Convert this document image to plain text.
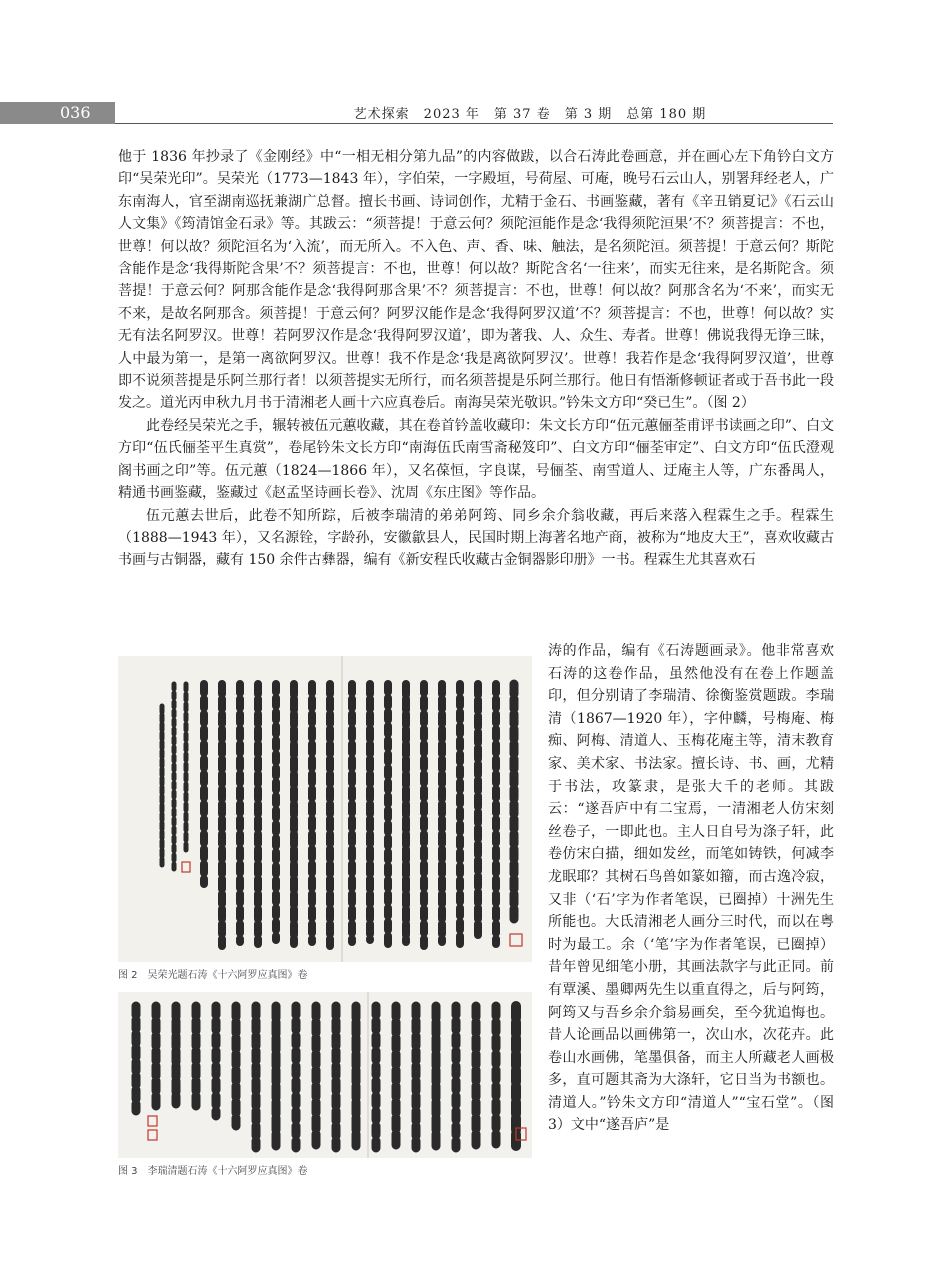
036	艺术探索　2023 年　第 37 卷　第 3 期　总第 180 期

他于 1836 年抄录了《金刚经》中“一相无相分第九品”的内容做跋，以合石涛此卷画意，并在画心左下角钤白文方印“吴荣光印”。吴荣光（1773—1843 年），字伯荣，一字殿垣，号荷屋、可庵，晚号石云山人，别署拜经老人，广东南海人，官至湖南巡抚兼湖广总督。擅长书画、诗词创作，尤精于金石、书画鉴藏，著有《辛丑销夏记》《石云山人文集》《筠清馆金石录》等。其跋云：“须菩提！于意云何？须陀洹能作是念‘我得须陀洹果’不？须菩提言：不也，世尊！何以故？须陀洹名为‘入流’，而无所入。不入色、声、香、味、触法，是名须陀洹。须菩提！于意云何？斯陀含能作是念‘我得斯陀含果’不？须菩提言：不也，世尊！何以故？斯陀含名‘一往来’，而实无往来，是名斯陀含。须菩提！于意云何？阿那含能作是念‘我得阿那含果’不？须菩提言：不也，世尊！何以故？阿那含名为‘不来’，而实无不来，是故名阿那含。须菩提！于意云何？阿罗汉能作是念‘我得阿罗汉道’不？须菩提言：不也，世尊！何以故？实无有法名阿罗汉。世尊！若阿罗汉作是念‘我得阿罗汉道’，即为著我、人、众生、寿者。世尊！佛说我得无诤三昧，人中最为第一，是第一离欲阿罗汉。世尊！我不作是念‘我是离欲阿罗汉’。世尊！我若作是念‘我得阿罗汉道’，世尊即不说须菩提是乐阿兰那行者！以须菩提实无所行，而名须菩提是乐阿兰那行。他日有悟渐修顿证者或于吾书此一段发之。道光丙申秋九月书于清湘老人画十六应真卷后。南海吴荣光敬识。”钤朱文方印“癸已生”。（图 2）

此卷经吴荣光之手，辗转被伍元蕙收藏，其在卷首钤盖收藏印：朱文长方印“伍元蕙俪荃甫评书读画之印”、白文方印“伍氏俪荃平生真赏”，卷尾钤朱文长方印“南海伍氏南雪斋秘笈印”、白文方印“俪荃审定”、白文方印“伍氏澄观阁书画之印”等。伍元蕙（1824—1866 年），又名葆恒，字良谋，号俪荃、南雪道人、迂庵主人等，广东番禺人，精通书画鉴藏，鉴藏过《赵孟坚诗画长卷》、沈周《东庄图》等作品。

伍元蕙去世后，此卷不知所踪，后被李瑞清的弟弟阿筠、同乡余介翁收藏，再后来落入程霖生之手。程霖生（1888—1943 年），又名源铨，字龄孙，安徽歙县人，民国时期上海著名地产商，被称为“地皮大王”，喜欢收藏古书画与古铜器，藏有 150 余件古彝器，编有《新安程氏收藏古金铜器影印册》一书。程霖生尤其喜欢石

图 2　吴荣光题石涛《十六阿罗应真图》卷
图 3　李瑞清题石涛《十六阿罗应真图》卷

涛的作品，编有《石涛题画录》。他非常喜欢石涛的这卷作品，虽然他没有在卷上作题盖印，但分别请了李瑞清、徐衡鉴赏题跋。李瑞清（1867—1920 年），字仲麟，号梅庵、梅痴、阿梅、清道人、玉梅花庵主等，清末教育家、美术家、书法家。擅长诗、书、画，尤精于书法，攻篆隶，是张大千的老师。其跋云：“遂吾庐中有二宝焉，一清湘老人仿宋刻丝卷子，一即此也。主人日自号为涤子轩，此卷仿宋白描，细如发丝，而笔如铸铁，何减李龙眠耶？其树石鸟兽如篆如籀，而古逸冷寂，又非（‘石’字为作者笔误，已圈掉）十洲先生所能也。大氐清湘老人画分三时代，而以在粤时为最工。余（‘笔’字为作者笔误，已圈掉）昔年曾见细笔小册，其画法款字与此正同。前有覃溪、墨卿两先生以重直得之，后与阿筠，阿筠又与吾乡余介翁易画矣，至今犹追悔也。昔人论画品以画佛第一，次山水，次花卉。此卷山水画佛，笔墨俱备，而主人所藏老人画极多，直可题其斋为大涤轩，它日当为书额也。清道人。”钤朱文方印“清道人”“宝石堂”。（图 3）文中“遂吾庐”是
